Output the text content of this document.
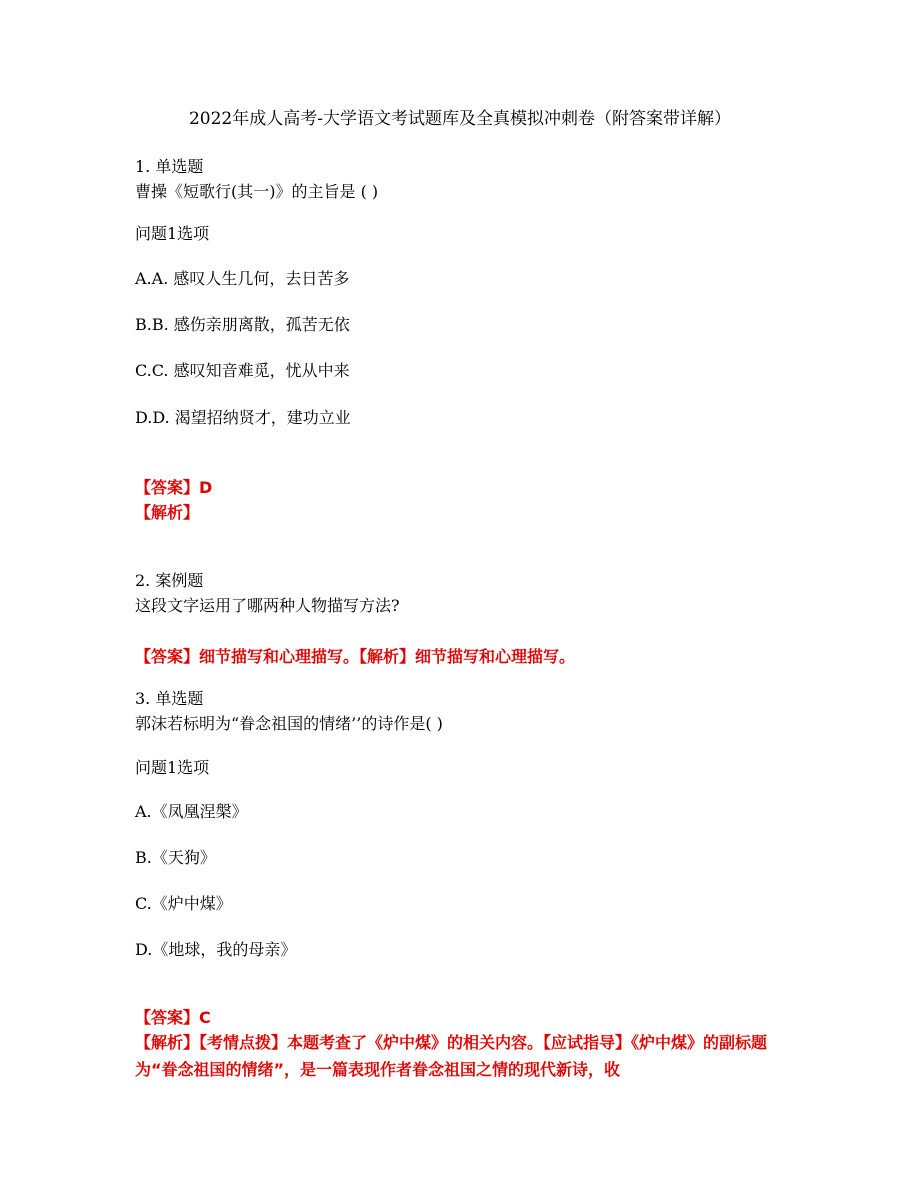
2022年成人高考-大学语文考试题库及全真模拟冲刺卷（附答案带详解）
1. 单选题
曹操《短歌行(其一)》的主旨是 ( )
问题1选项
A.A. 感叹人生几何，去日苦多
B.B. 感伤亲朋离散，孤苦无依
C.C. 感叹知音难觅，忧从中来
D.D. 渴望招纳贤才，建功立业
【答案】D
【解析】
2. 案例题
这段文字运用了哪两种人物描写方法?
【答案】细节描写和心理描写。【解析】细节描写和心理描写。
3. 单选题
郭沫若标明为“眷念祖国的情绪’’的诗作是( )
问题1选项
A.《凤凰涅槃》
B.《天狗》
C.《炉中煤》
D.《地球，我的母亲》
【答案】C
【解析】【考情点拨】本题考查了《炉中煤》的相关内容。【应试指导】《炉中煤》的副标题为“眷念祖国的情绪”，是一篇表现作者眷念祖国之情的现代新诗，收
